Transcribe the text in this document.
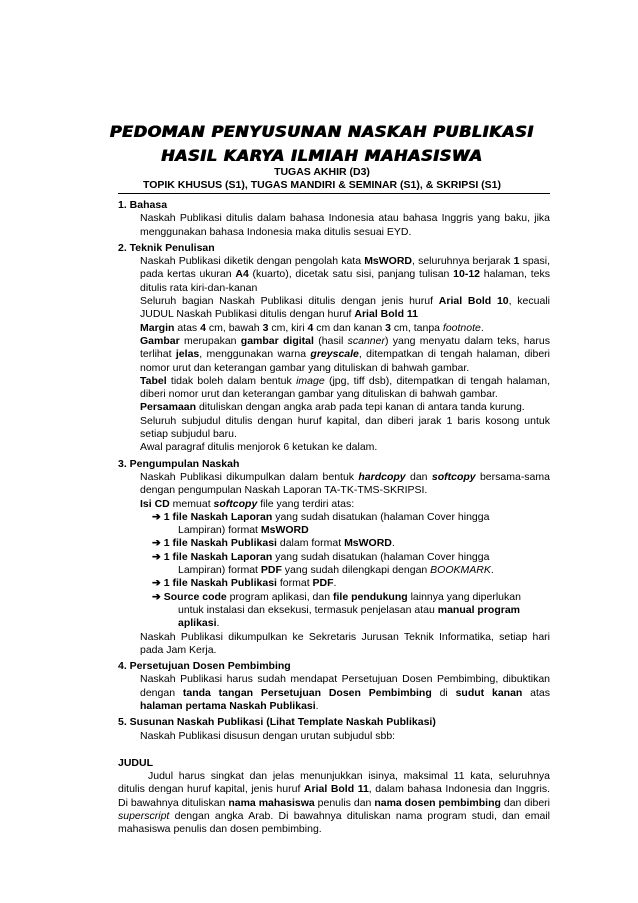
PEDOMAN PENYUSUNAN NASKAH PUBLIKASI
HASIL KARYA ILMIAH MAHASISWA
TUGAS AKHIR (D3)
TOPIK KHUSUS (S1), TUGAS MANDIRI & SEMINAR (S1), & SKRIPSI (S1)
1. Bahasa
Naskah Publikasi ditulis dalam bahasa Indonesia atau bahasa Inggris yang baku, jika menggunakan bahasa Indonesia maka ditulis sesuai EYD.
2. Teknik Penulisan
Naskah Publikasi diketik dengan pengolah kata MsWORD, seluruhnya berjarak 1 spasi, pada kertas ukuran A4 (kuarto), dicetak satu sisi, panjang tulisan 10-12 halaman, teks ditulis rata kiri-dan-kanan
Seluruh bagian Naskah Publikasi ditulis dengan jenis huruf Arial Bold 10, kecuali JUDUL Naskah Publikasi ditulis dengan huruf Arial Bold 11
Margin atas 4 cm, bawah 3 cm, kiri 4 cm dan kanan 3 cm, tanpa footnote.
Gambar merupakan gambar digital (hasil scanner) yang menyatu dalam teks, harus terlihat jelas, menggunakan warna greyscale, ditempatkan di tengah halaman, diberi nomor urut dan keterangan gambar yang dituliskan di bahwah gambar.
Tabel tidak boleh dalam bentuk image (jpg, tiff dsb), ditempatkan di tengah halaman, diberi nomor urut dan keterangan gambar yang dituliskan di bahwah gambar.
Persamaan dituliskan dengan angka arab pada tepi kanan di antara tanda kurung.
Seluruh subjudul ditulis dengan huruf kapital, dan diberi jarak 1 baris kosong untuk setiap subjudul baru.
Awal paragraf ditulis menjorok 6 ketukan ke dalam.
3. Pengumpulan Naskah
Naskah Publikasi dikumpulkan dalam bentuk hardcopy dan softcopy bersama-sama dengan pengumpulan Naskah Laporan TA-TK-TMS-SKRIPSI.
Isi CD memuat softcopy file yang terdiri atas:
➔ 1 file Naskah Laporan yang sudah disatukan (halaman Cover hingga
Lampiran) format MsWORD
➔ 1 file Naskah Publikasi dalam format MsWORD.
➔ 1 file Naskah Laporan yang sudah disatukan (halaman Cover hingga
Lampiran) format PDF yang sudah dilengkapi dengan BOOKMARK.
➔ 1 file Naskah Publikasi format PDF.
➔ Source code program aplikasi, dan file pendukung lainnya yang diperlukan
untuk instalasi dan eksekusi, termasuk penjelasan atau manual program
aplikasi.
Naskah Publikasi dikumpulkan ke Sekretaris Jurusan Teknik Informatika, setiap hari pada Jam Kerja.
4. Persetujuan Dosen Pembimbing
Naskah Publikasi harus sudah mendapat Persetujuan Dosen Pembimbing, dibuktikan dengan tanda tangan Persetujuan Dosen Pembimbing di sudut kanan atas halaman pertama Naskah Publikasi.
5. Susunan Naskah Publikasi (Lihat Template Naskah Publikasi)
Naskah Publikasi disusun dengan urutan subjudul sbb:
JUDUL
Judul harus singkat dan jelas menunjukkan isinya, maksimal 11 kata, seluruhnya ditulis dengan huruf kapital, jenis huruf Arial Bold 11, dalam bahasa Indonesia dan Inggris. Di bawahnya dituliskan nama mahasiswa penulis dan nama dosen pembimbing dan diberi superscript dengan angka Arab. Di bawahnya dituliskan nama program studi, dan email mahasiswa penulis dan dosen pembimbing.
